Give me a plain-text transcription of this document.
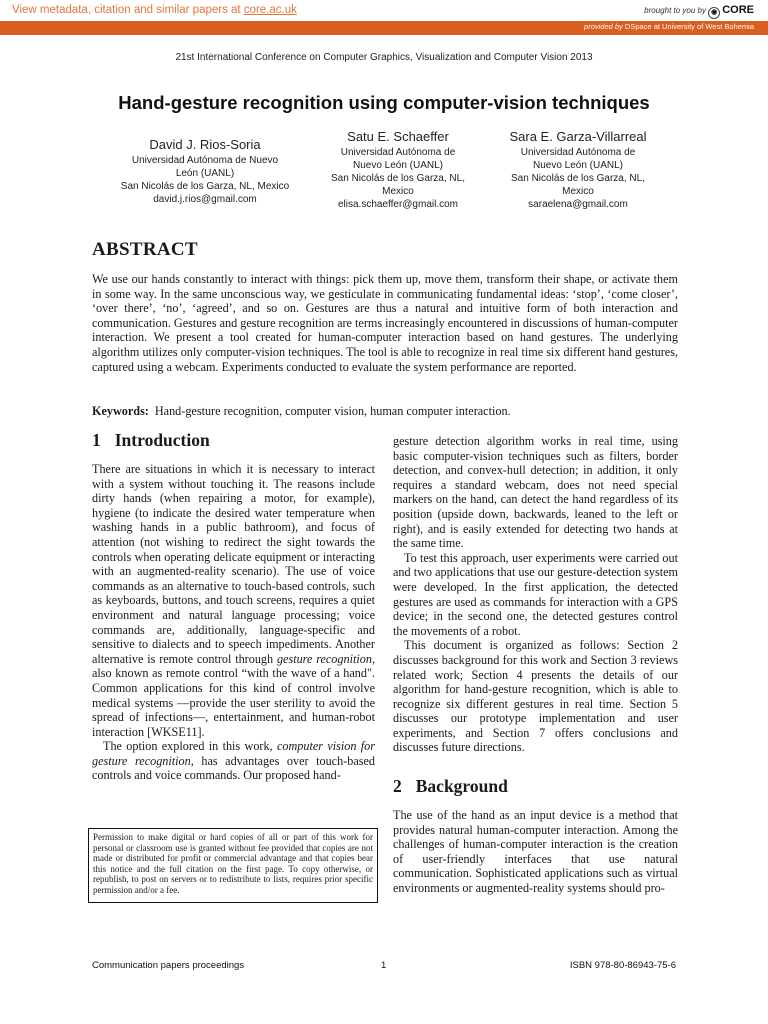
View metadata, citation and similar papers at core.ac.uk	brought to you by ◉ CORE
provided by DSpace at University of West Bohemia
21st International Conference on Computer Graphics, Visualization and Computer Vision 2013
Hand-gesture recognition using computer-vision techniques
David J. Rios-Soria
Universidad Autónoma de Nuevo
León (UANL)
San Nicolás de los Garza, NL, Mexico
david.j.rios@gmail.com
Satu E. Schaeffer
Universidad Autónoma de
Nuevo León (UANL)
San Nicolás de los Garza, NL,
Mexico
elisa.schaeffer@gmail.com
Sara E. Garza-Villarreal
Universidad Autónoma de
Nuevo León (UANL)
San Nicolás de los Garza, NL,
Mexico
saraelena@gmail.com
ABSTRACT
We use our hands constantly to interact with things: pick them up, move them, transform their shape, or activate them in some way. In the same unconscious way, we gesticulate in communicating fundamental ideas: ‘stop’, ‘come closer’, ‘over there’, ‘no’, ‘agreed’, and so on. Gestures are thus a natural and intuitive form of both interaction and communication. Gestures and gesture recognition are terms increasingly encountered in discussions of human-computer interaction. We present a tool created for human-computer interaction based on hand gestures. The underlying algorithm utilizes only computer-vision techniques. The tool is able to recognize in real time six different hand gestures, captured using a webcam. Experiments conducted to evaluate the system performance are reported.
Keywords: Hand-gesture recognition, computer vision, human computer interaction.
1 Introduction

There are situations in which it is necessary to interact with a system without touching it. The reasons include dirty hands (when repairing a motor, for example), hygiene (to indicate the desired water temperature when washing hands in a public bathroom), and focus of attention (not wishing to redirect the sight towards the controls when operating delicate equipment or interacting with an augmented-reality scenario). The use of voice commands as an alternative to touch-based controls, such as keyboards, buttons, and touch screens, requires a quiet environment and natural language processing; voice commands are, additionally, language-specific and sensitive to dialects and to speech impediments. Another alternative is remote control through gesture recognition, also known as remote control “with the wave of a hand". Common applications for this kind of control involve medical systems —provide the user sterility to avoid the spread of infections—, entertainment, and human-robot interaction [WKSE11].

The option explored in this work, computer vision for gesture recognition, has advantages over touch-based controls and voice commands. Our proposed hand-

gesture detection algorithm works in real time, using basic computer-vision techniques such as filters, border detection, and convex-hull detection; in addition, it only requires a standard webcam, does not need special markers on the hand, can detect the hand regardless of its position (upside down, backwards, leaned to the left or right), and is easily extended for detecting two hands at the same time.

To test this approach, user experiments were carried out and two applications that use our gesture-detection system were developed. In the first application, the detected gestures are used as commands for interaction with a GPS device; in the second one, the detected gestures control the movements of a robot.

This document is organized as follows: Section 2 discusses background for this work and Section 3 reviews related work; Section 4 presents the details of our algorithm for hand-gesture recognition, which is able to recognize six different gestures in real time. Section 5 discusses our prototype implementation and user experiments, and Section 7 offers conclusions and discusses future directions.

2 Background

The use of the hand as an input device is a method that provides natural human-computer interaction. Among the challenges of human-computer interaction is the creation of user-friendly interfaces that use natural communication. Sophisticated applications such as virtual environments or augmented-reality systems should pro-

Permission to make digital or hard copies of all or part of this work for personal or classroom use is granted without fee provided that copies are not made or distributed for profit or commercial advantage and that copies bear this notice and the full citation on the first page. To copy otherwise, or republish, to post on servers or to redistribute to lists, requires prior specific permission and/or a fee.
Communication papers proceedings	1	ISBN 978-80-86943-75-6
